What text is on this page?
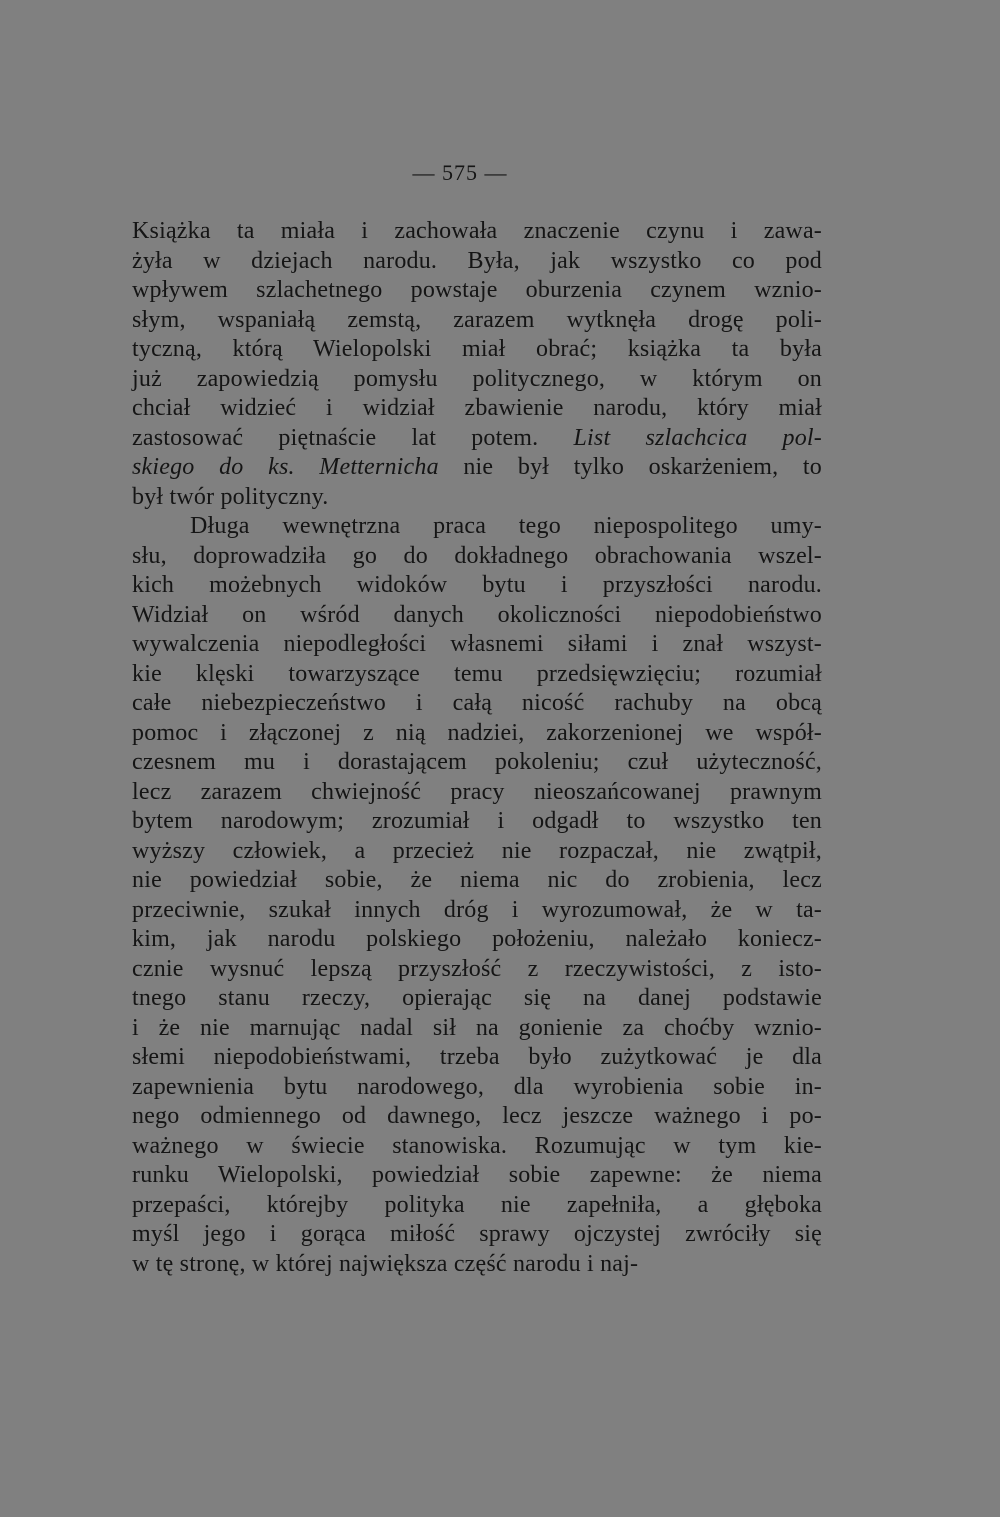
— 575 —
Książka ta miała i zachowała znaczenie czynu i zawa-
żyła w dziejach narodu. Była, jak wszystko co pod
wpływem szlachetnego powstaje oburzenia czynem wznio-
słym, wspaniałą zemstą, zarazem wytknęła drogę poli-
tyczną, którą Wielopolski miał obrać; książka ta była
już zapowiedzią pomysłu politycznego, w którym on
chciał widzieć i widział zbawienie narodu, który miał
zastosować piętnaście lat potem. List szlachcica pol-
skiego do ks. Metternicha nie był tylko oskarżeniem, to
był twór polityczny.
Długa wewnętrzna praca tego niepospolitego umy-
słu, doprowadziła go do dokładnego obrachowania wszel-
kich możebnych widoków bytu i przyszłości narodu.
Widział on wśród danych okoliczności niepodobieństwo
wywalczenia niepodległości własnemi siłami i znał wszyst-
kie klęski towarzyszące temu przedsięwzięciu; rozumiał
całe niebezpieczeństwo i całą nicość rachuby na obcą
pomoc i złączonej z nią nadziei, zakorzenionej we współ-
czesnem mu i dorastającem pokoleniu; czuł użyteczność,
lecz zarazem chwiejność pracy nieoszańcowanej prawnym
bytem narodowym; zrozumiał i odgadł to wszystko ten
wyższy człowiek, a przecież nie rozpaczał, nie zwątpił,
nie powiedział sobie, że niema nic do zrobienia, lecz
przeciwnie, szukał innych dróg i wyrozumował, że w ta-
kim, jak narodu polskiego położeniu, należało koniecz-
cznie wysnuć lepszą przyszłość z rzeczywistości, z isto-
tnego stanu rzeczy, opierając się na danej podstawie
i że nie marnując nadal sił na gonienie za choćby wznio-
słemi niepodobieństwami, trzeba było zużytkować je dla
zapewnienia bytu narodowego, dla wyrobienia sobie in-
nego odmiennego od dawnego, lecz jeszcze ważnego i po-
ważnego w świecie stanowiska. Rozumując w tym kie-
runku Wielopolski, powiedział sobie zapewne: że niema
przepaści, którejby polityka nie zapełniła, a głęboka
myśl jego i gorąca miłość sprawy ojczystej zwróciły się
w tę stronę, w której największa część narodu i naj-
